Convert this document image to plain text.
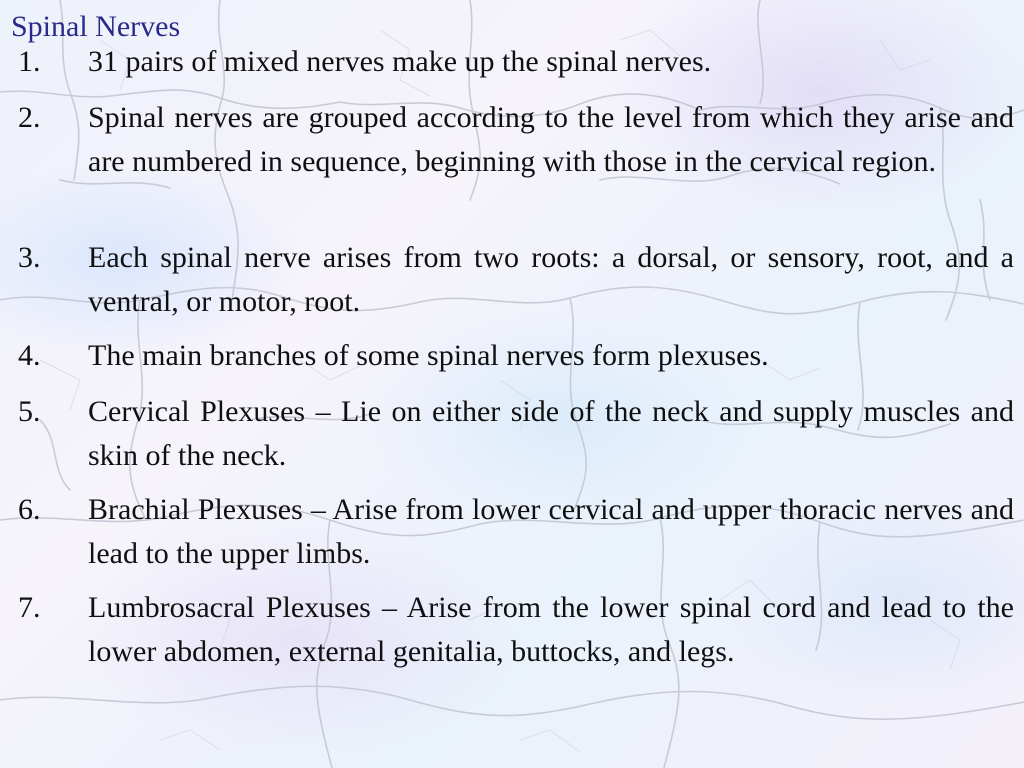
Spinal Nerves
1.	31 pairs of mixed nerves make up the spinal nerves.
2.	Spinal nerves are grouped according to the level from which they arise and are numbered in sequence, beginning with those in the cervical region.
3.	Each spinal nerve arises from two roots: a dorsal, or sensory, root, and a ventral, or motor, root.
4.	The main branches of some spinal nerves form plexuses.
5.	Cervical Plexuses – Lie on either side of the neck and supply muscles and skin of the neck.
6.	Brachial Plexuses – Arise from lower cervical and upper thoracic nerves and lead to the upper limbs.
7.	Lumbrosacral Plexuses – Arise from the lower spinal cord and lead to the lower abdomen, external genitalia, buttocks, and legs.
